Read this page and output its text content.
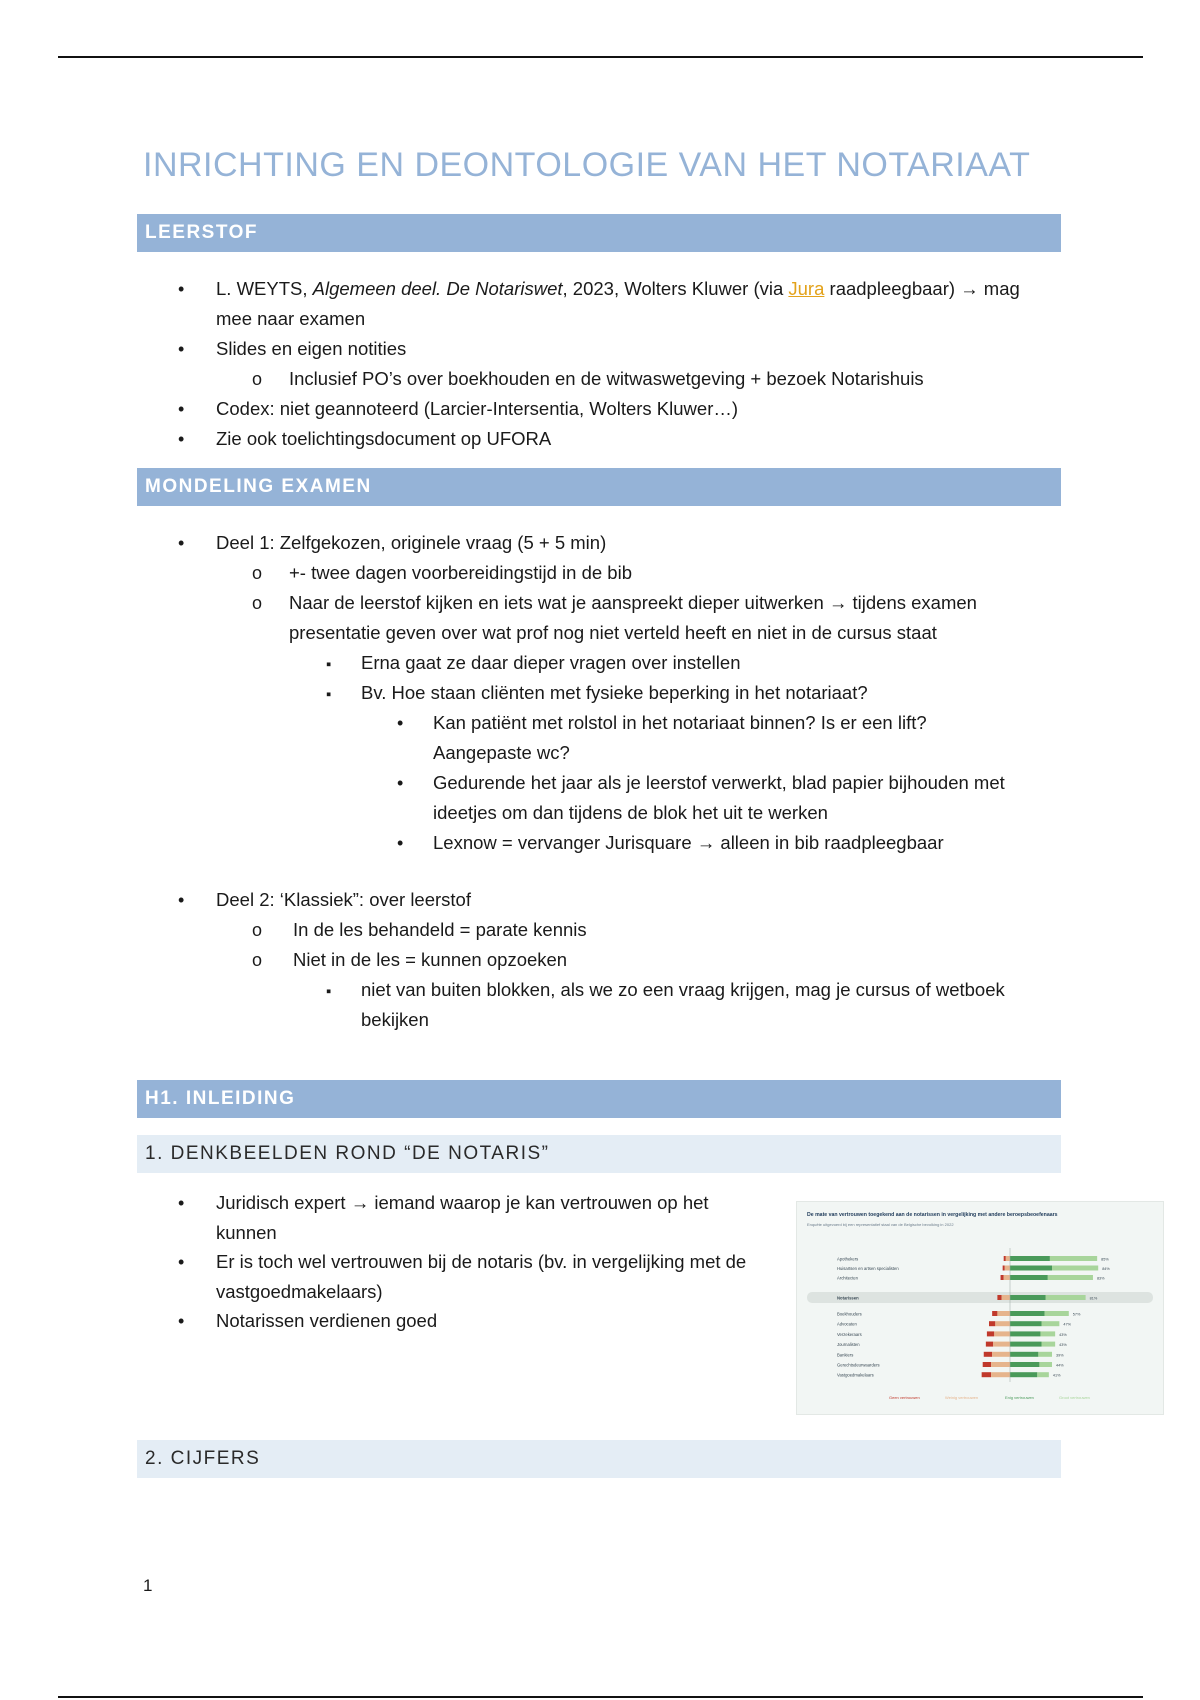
INRICHTING EN DEONTOLOGIE VAN HET NOTARIAAT
LEERSTOF
•
L. WEYTS, Algemeen deel. De Notariswet, 2023, Wolters Kluwer (via Jura raadpleegbaar) → mag
mee naar examen
•
Slides en eigen notities
o
Inclusief PO’s over boekhouden en de witwaswetgeving + bezoek Notarishuis
•
Codex: niet geannoteerd (Larcier-Intersentia, Wolters Kluwer…)
•
Zie ook toelichtingsdocument op UFORA
MONDELING EXAMEN
•
Deel 1: Zelfgekozen, originele vraag (5 + 5 min)
o
+- twee dagen voorbereidingstijd in de bib
o
Naar de leerstof kijken en iets wat je aanspreekt dieper uitwerken → tijdens examen
presentatie geven over wat prof nog niet verteld heeft en niet in de cursus staat
▪
Erna gaat ze daar dieper vragen over instellen
▪
Bv. Hoe staan cliënten met fysieke beperking in het notariaat?
•
Kan patiënt met rolstol in het notariaat binnen? Is er een lift?
Aangepaste wc?
•
Gedurende het jaar als je leerstof verwerkt, blad papier bijhouden met
ideetjes om dan tijdens de blok het uit te werken
•
Lexnow = vervanger Jurisquare → alleen in bib raadpleegbaar
•
Deel 2: ‘Klassiek”: over leerstof
o
In de les behandeld = parate kennis
o
Niet in de les = kunnen opzoeken
▪
niet van buiten blokken, als we zo een vraag krijgen, mag je cursus of wetboek
bekijken
H1. INLEIDING
1. DENKBEELDEN ROND “DE NOTARIS”
•
Juridisch expert → iemand waarop je kan vertrouwen op het
kunnen
•
Er is toch wel vertrouwen bij de notaris (bv. in vergelijking met de
vastgoedmakelaars)
•
Notarissen verdienen goed
De mate van vertrouwen toegekend aan de notarissen in vergelijking met andere beroepsbeoefenaars
Enquête uitgevoerd bij een representatief staal van de Belgische bevolking in 2022
Apothekers	85%
Huisartsen en artsen specialisten	84%
Architecten	83%
Notarissen	81%
Boekhouders	57%
Advocaten	47%
Verzekeraars	43%
Journalisten	43%
Bankiers	39%
Gerechtsdeurwaarders	44%
Vastgoedmakelaars	41%
Geen vertrouwen	Weinig vertrouwen	Enig vertrouwen	Groot vertrouwen
2. CIJFERS
1
